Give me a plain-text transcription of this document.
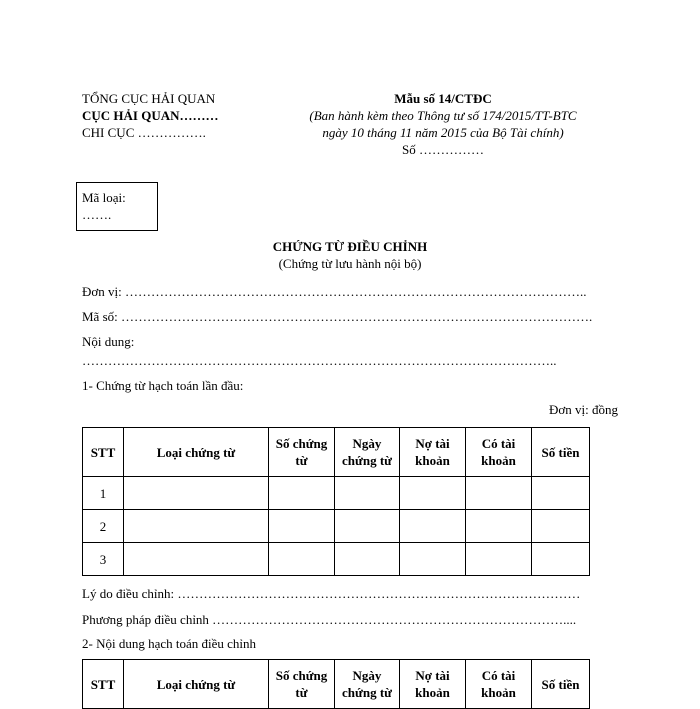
TỔNG CỤC HẢI QUAN
CỤC HẢI QUAN………
CHI CỤC …………….
Mẫu số 14/CTĐC
(Ban hành kèm theo Thông tư số 174/2015/TT-BTC ngày 10 tháng 11 năm 2015 của Bộ Tài chính)
Số ……………
Mã loại:
…….
CHỨNG TỪ ĐIỀU CHỈNH
(Chứng từ lưu hành nội bộ)
Đơn vị: ……………………………………………………………………………………………..
Mã số: ……………………………………………………………………………………………….
Nội dung:
………………………………………………………………………………………………..
1- Chứng từ hạch toán lần đầu:
Đơn vị: đồng
STT	Loại chứng từ	Số chứng từ	Ngày chứng từ	Nợ tài khoản	Có tài khoản	Số tiền
1						
2						
3						
Lý do điều chỉnh: …………………………………………………………………………………
Phương pháp điều chỉnh ………………………………………………………………………....
2- Nội dung hạch toán điều chỉnh
STT	Loại chứng từ	Số chứng từ	Ngày chứng từ	Nợ tài khoản	Có tài khoản	Số tiền
